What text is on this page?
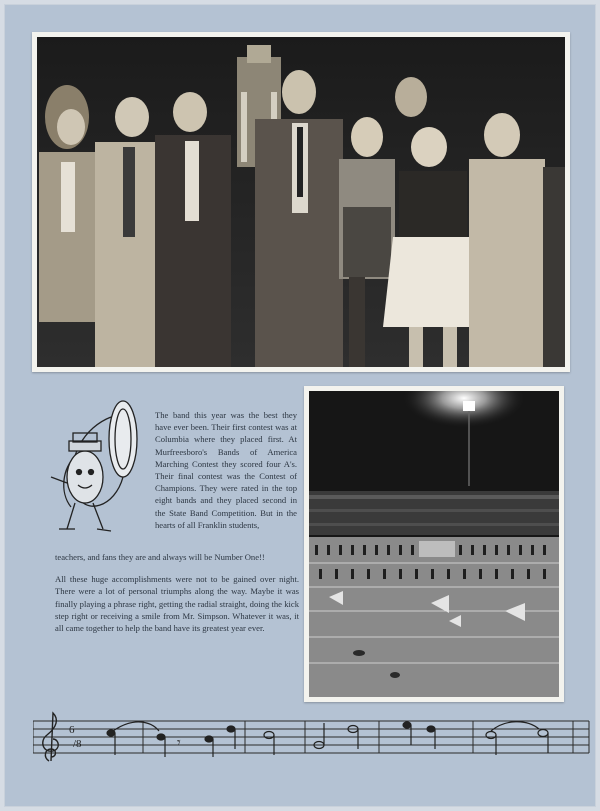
The band this year was the best they have ever been. Their first contest was at Columbia where they placed first. At Murfreesboro's Bands of America Marching Contest they scored four A's. Their final contest was the Contest of Champions. They were rated in the top eight bands and they placed second in the State Band Competition. But in the hearts of all Franklin students,

teachers, and fans they are and always will be Number One!!

All these huge accomplishments were not to be gained over night. There were a lot of personal triumphs along the way. Maybe it was finally playing a phrase right, getting the radial straight, doing the kick step right or receiving a smile from Mr. Simpson. Whatever it was, it all came together to help the band have its greatest year ever.

6
/8	𝄾
